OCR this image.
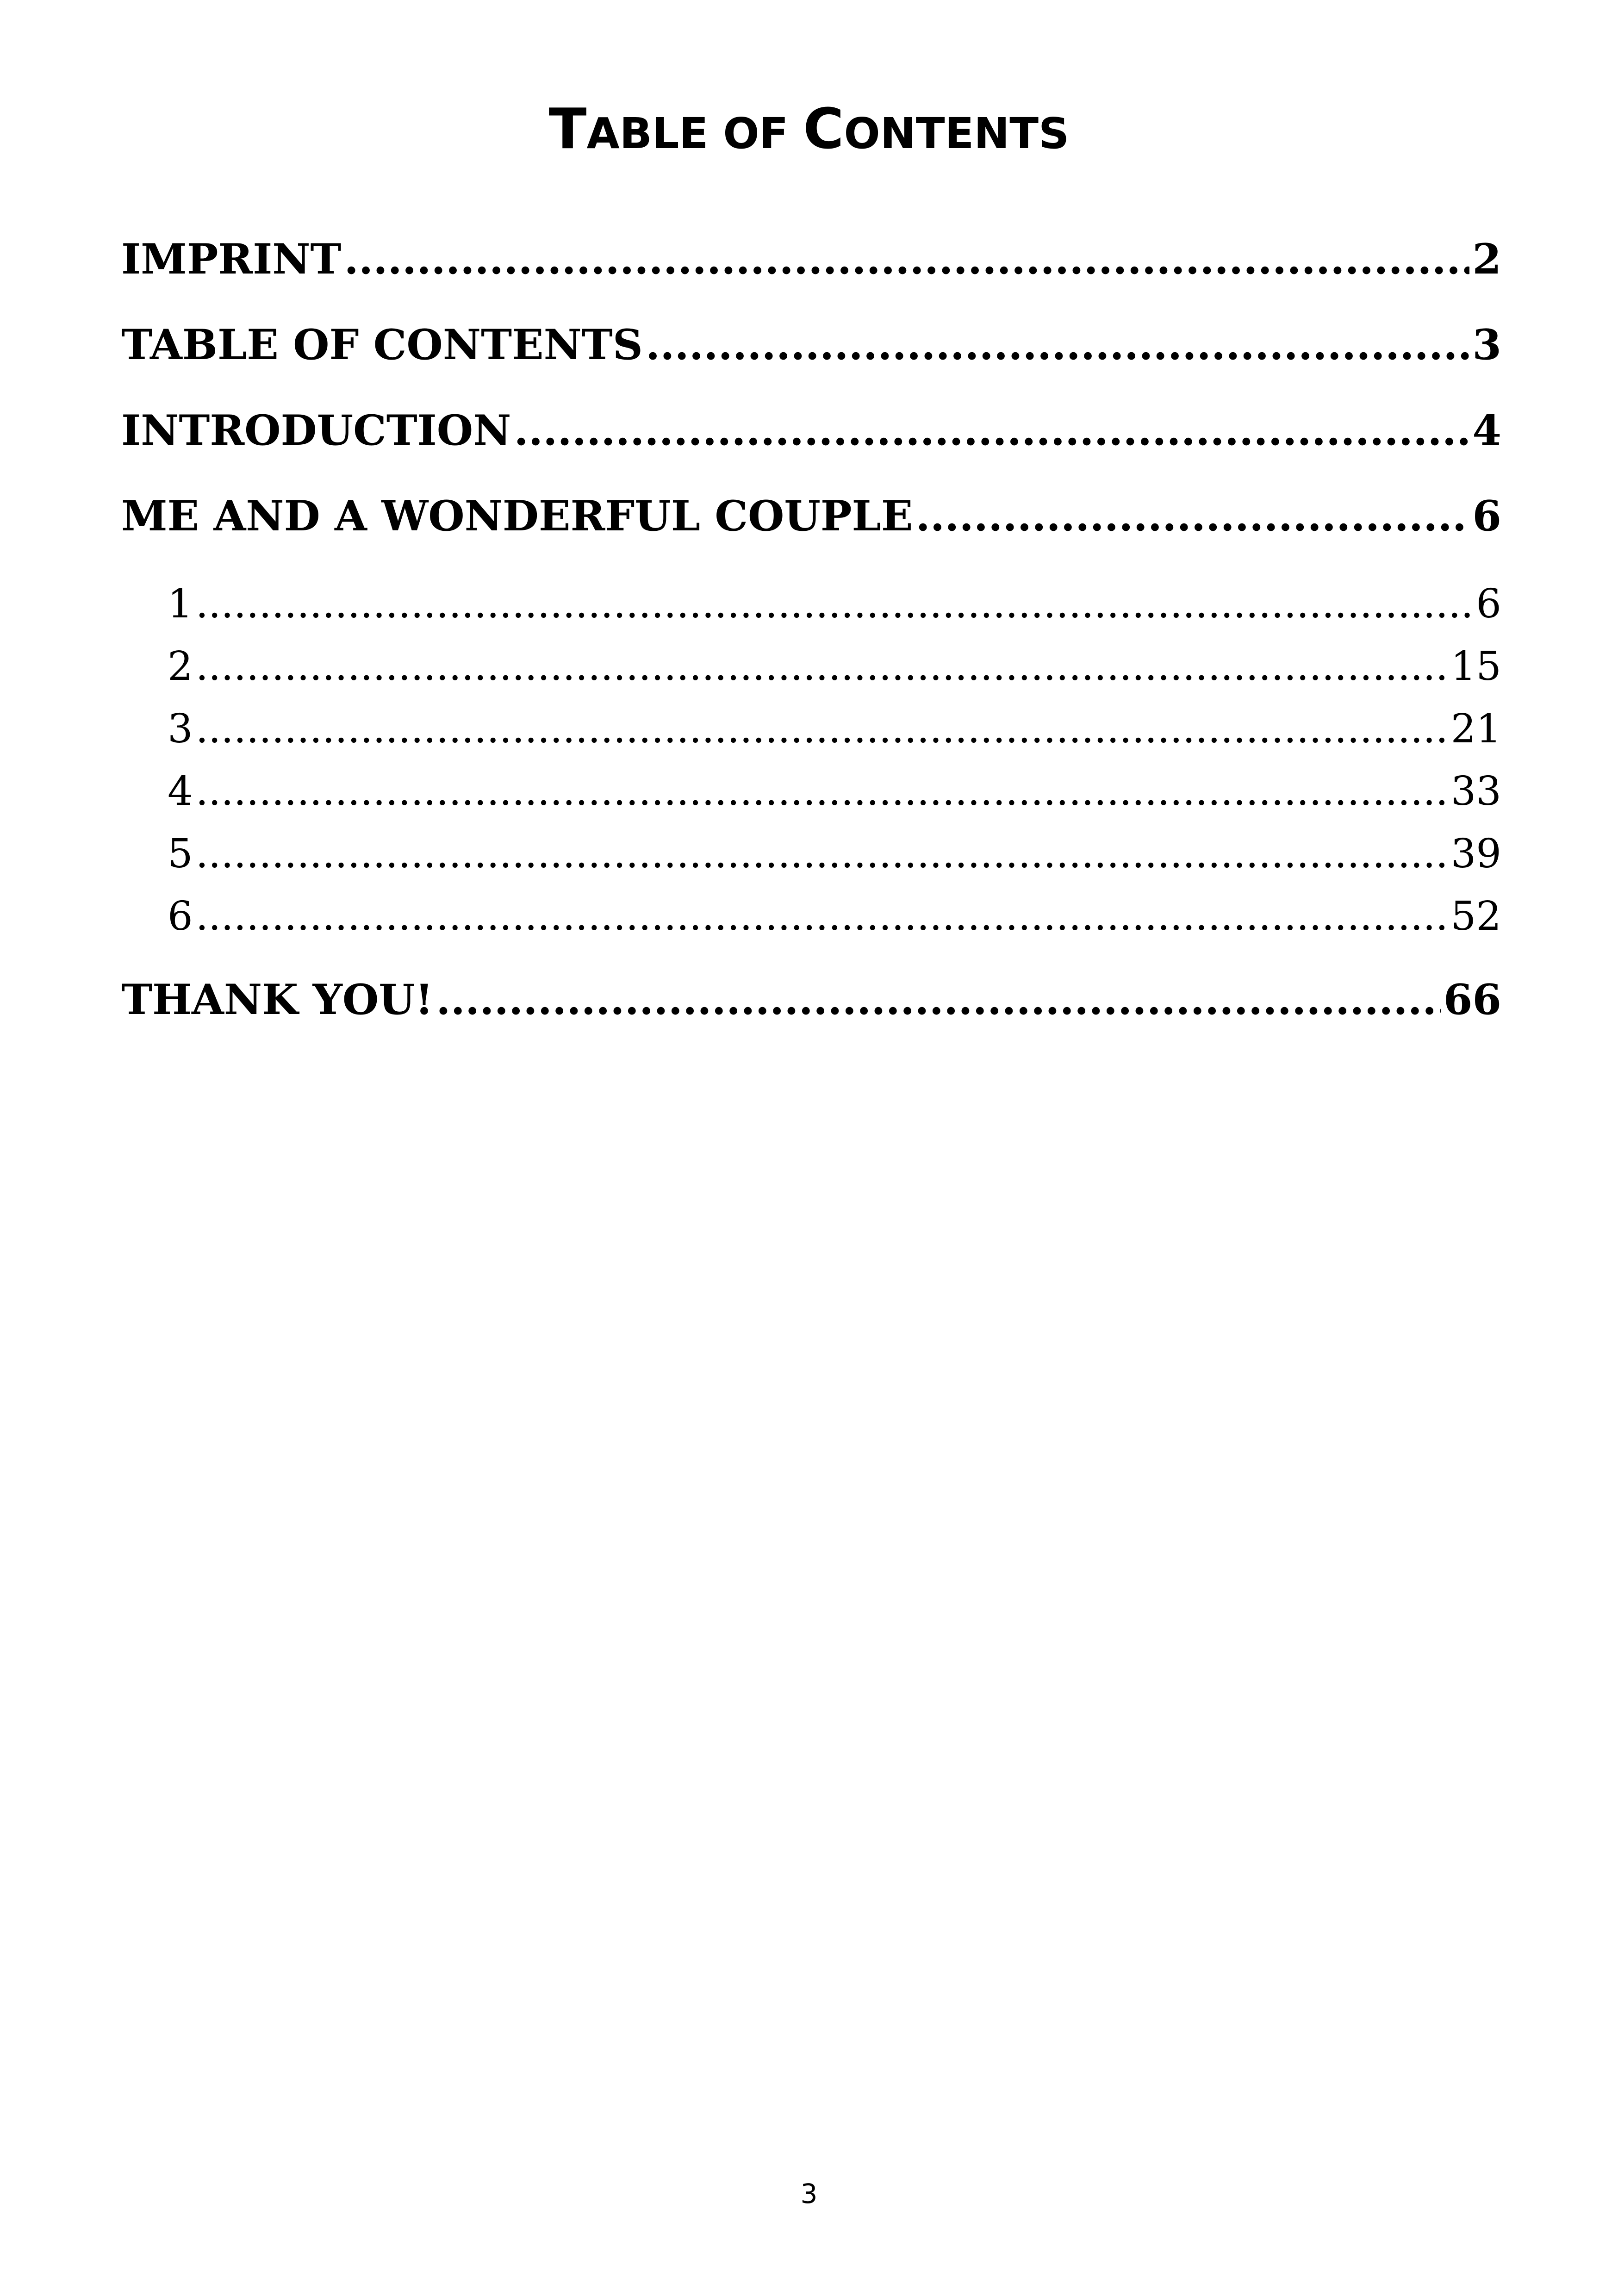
TABLE OF CONTENTS
IMPRINT .....	2
TABLE OF CONTENTS .....	3
INTRODUCTION .....	4
ME AND A WONDERFUL COUPLE .....	6
1 .....	6
2 .....	15
3 .....	21
4 .....	33
5 .....	39
6 .....	52
THANK YOU! .....	66
3
